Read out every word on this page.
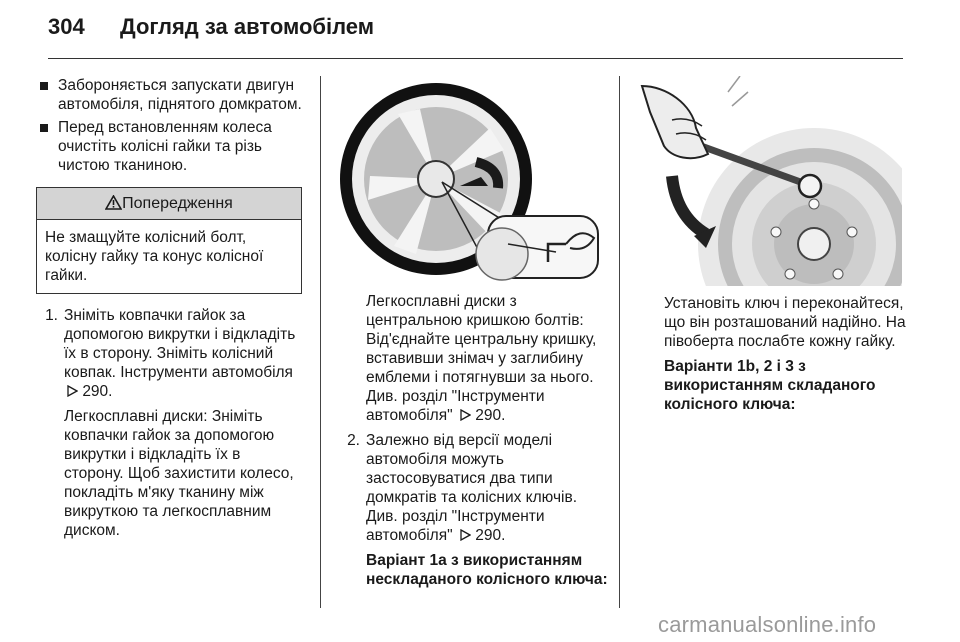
304 Догляд за автомобілем
Забороняється запускати двигун автомобіля, піднятого домкратом.
Перед встановленням колеса очистіть колісні гайки та різь чистою тканиною.
Попередження
Не змащуйте колісний болт, колісну гайку та конус колісної гайки.
1. Зніміть ковпачки гайок за допомогою викрутки і відкладіть їх в сторону. Зніміть колісний ковпак. Інструменти автомобіля  290.
Легкосплавні диски: Зніміть ковпачки гайок за допомогою викрутки і відкладіть їх в сторону. Щоб захистити колесо, покладіть м'яку тканину між викруткою та легкосплавним диском.
Легкосплавні диски з центральною кришкою болтів: Від'єднайте центральну кришку, вставивши знімач у заглибину емблеми і потягнувши за нього. Див. розділ "Інструменти автомобіля" 290.
2. Залежно від версії моделі автомобіля можуть застосовуватися два типи домкратів та колісних ключів. Див. розділ "Інструменти автомобіля" 290.
Варіант 1а з використанням нескладаного колісного ключа:
Установіть ключ і переконайтеся, що він розташований надійно. На півоберта послабте кожну гайку.
Варіанти 1b, 2 і 3 з використанням складаного колісного ключа:
carmanualsonline.info
